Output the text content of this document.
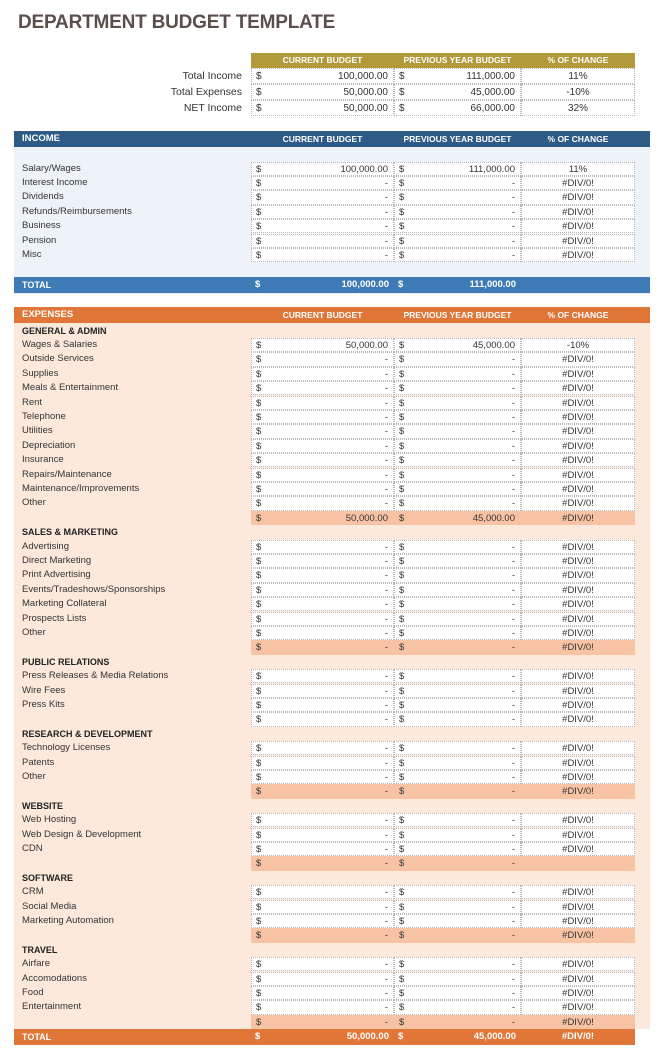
DEPARTMENT BUDGET TEMPLATE
CURRENT BUDGET	PREVIOUS YEAR BUDGET	% OF CHANGE
Total Income $	100,000.00 $	111,000.00	11%
Total Expenses $	50,000.00 $	45,000.00	-10%
NET Income $	50,000.00 $	66,000.00	32%
INCOME	CURRENT BUDGET	PREVIOUS YEAR BUDGET	% OF CHANGE
Salary/Wages	$	100,000.00 $	111,000.00	11%
Interest Income	$	- $	-	#DIV/0!
Dividends	$	- $	-	#DIV/0!
Refunds/Reimbursements	$	- $	-	#DIV/0!
Business	$	- $	-	#DIV/0!
Pension	$	- $	-	#DIV/0!
Misc	$	- $	-	#DIV/0!
TOTAL	$	100,000.00 $	111,000.00
EXPENSES	CURRENT BUDGET	PREVIOUS YEAR BUDGET	% OF CHANGE
GENERAL & ADMIN
Wages & Salaries	$	50,000.00 $	45,000.00	-10%
Outside Services	$	- $	-	#DIV/0!
Supplies	$	- $	-	#DIV/0!
Meals & Entertainment	$	- $	-	#DIV/0!
Rent	$	- $	-	#DIV/0!
Telephone	$	- $	-	#DIV/0!
Utilities	$	- $	-	#DIV/0!
Depreciation	$	- $	-	#DIV/0!
Insurance	$	- $	-	#DIV/0!
Repairs/Maintenance	$	- $	-	#DIV/0!
Maintenance/Improvements	$	- $	-	#DIV/0!
Other	$	- $	-	#DIV/0!
$	50,000.00 $	45,000.00	#DIV/0!
SALES & MARKETING
Advertising	$	- $	-	#DIV/0!
Direct Marketing	$	- $	-	#DIV/0!
Print Advertising	$	- $	-	#DIV/0!
Events/Tradeshows/Sponsorships	$	- $	-	#DIV/0!
Marketing Collateral	$	- $	-	#DIV/0!
Prospects Lists	$	- $	-	#DIV/0!
Other	$	- $	-	#DIV/0!
$	- $	-	#DIV/0!
PUBLIC RELATIONS
Press Releases & Media Relations	$	- $	-	#DIV/0!
Wire Fees	$	- $	-	#DIV/0!
Press Kits	$	- $	-	#DIV/0!
$	- $	-	#DIV/0!
RESEARCH & DEVELOPMENT
Technology Licenses	$	- $	-	#DIV/0!
Patents	$	- $	-	#DIV/0!
Other	$	- $	-	#DIV/0!
$	- $	-	#DIV/0!
WEBSITE
Web Hosting	$	- $	-	#DIV/0!
Web Design & Development	$	- $	-	#DIV/0!
CDN	$	- $	-	#DIV/0!
$	- $	-
SOFTWARE
CRM	$	- $	-	#DIV/0!
Social Media	$	- $	-	#DIV/0!
Marketing Automation	$	- $	-	#DIV/0!
$	- $	-	#DIV/0!
TRAVEL
Airfare	$	- $	-	#DIV/0!
Accomodations	$	- $	-	#DIV/0!
Food	$	- $	-	#DIV/0!
Entertainment	$	- $	-	#DIV/0!
$	- $	-	#DIV/0!
TOTAL	$	50,000.00 $	45,000.00	#DIV/0!
